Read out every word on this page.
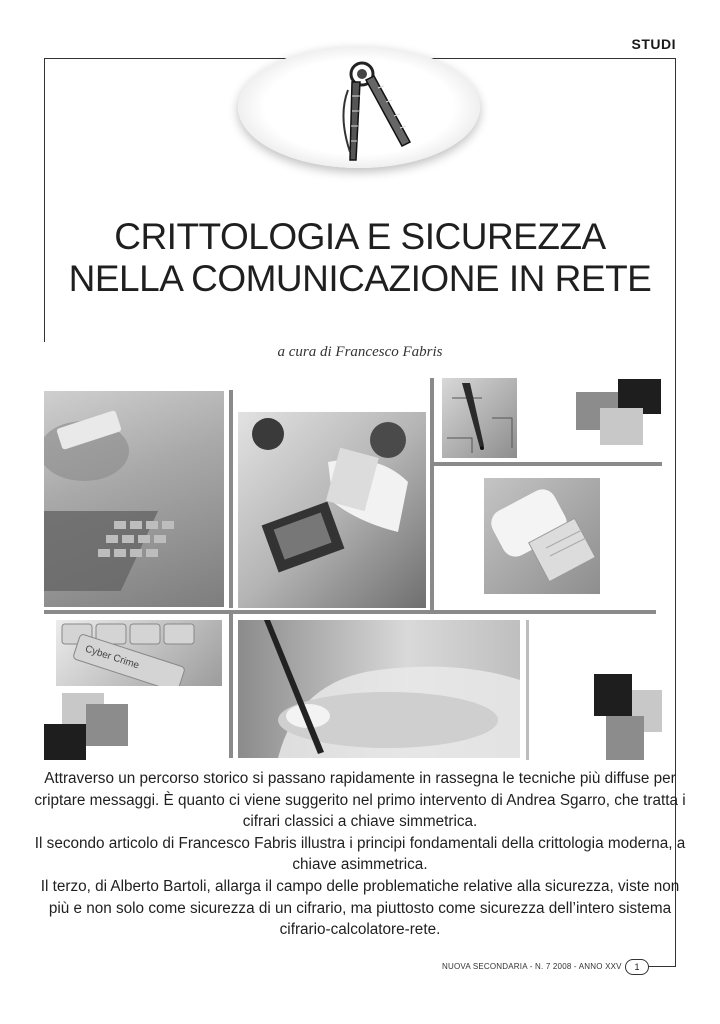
STUDI
CRITTOLOGIA E SICUREZZA
NELLA COMUNICAZIONE IN RETE
a cura di Francesco Fabris
Cyber Crime

Attraverso un percorso storico si passano rapidamente in rassegna le tecniche più diffuse per criptare messaggi. È quanto ci viene suggerito nel primo intervento di Andrea Sgarro, che tratta i cifrari classici a chiave simmetrica.

Il secondo articolo di Francesco Fabris illustra i principi fondamentali della crittologia moderna, a chiave asimmetrica.

Il terzo, di Alberto Bartoli, allarga il campo delle problematiche relative alla sicurezza, viste non più e non solo come sicurezza di un cifrario, ma piuttosto come sicurezza dell’intero sistema cifrario-calcolatore-rete.

NUOVA SECONDARIA - N. 7 2008 - ANNO XXV	1
